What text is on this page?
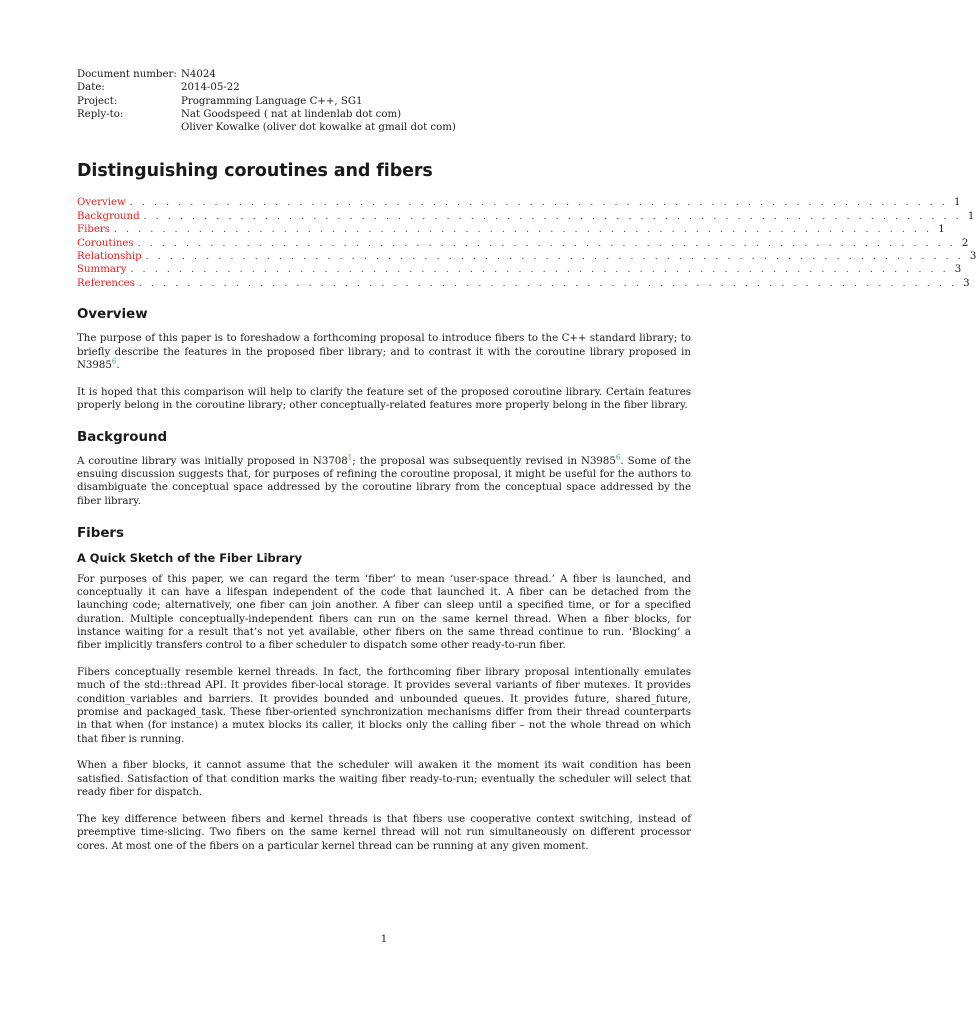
Document number: N4024
Date:	2014-05-22
Project:	Programming Language C++, SG1
Reply-to:	Nat Goodspeed ( nat at lindenlab dot com)
Oliver Kowalke (oliver dot kowalke at gmail dot com)
Distinguishing coroutines and fibers
Overview . . . . . . . . . . . . . . . . . . . . . . . . . . . . . . . . . . . . . . . . . . . . . . . . . . . . . . . . . . . . . . . . . . . . 1
Background . . . . . . . . . . . . . . . . . . . . . . . . . . . . . . . . . . . . . . . . . . . . . . . . . . . . . . . . . . . . . . . . . . . . 1
Fibers . . . . . . . . . . . . . . . . . . . . . . . . . . . . . . . . . . . . . . . . . . . . . . . . . . . . . . . . . . . . . . . . . . . . 1
Coroutines . . . . . . . . . . . . . . . . . . . . . . . . . . . . . . . . . . . . . . . . . . . . . . . . . . . . . . . . . . . . . . . . . . . . 2
Relationship . . . . . . . . . . . . . . . . . . . . . . . . . . . . . . . . . . . . . . . . . . . . . . . . . . . . . . . . . . . . . . . . . . . . 3
Summary . . . . . . . . . . . . . . . . . . . . . . . . . . . . . . . . . . . . . . . . . . . . . . . . . . . . . . . . . . . . . . . . . . . . 3
References . . . . . . . . . . . . . . . . . . . . . . . . . . . . . . . . . . . . . . . . . . . . . . . . . . . . . . . . . . . . . . . . . . . . 3
Overview

The purpose of this paper is to foreshadow a forthcoming proposal to introduce fibers to the C++ standard library; to briefly describe the features in the proposed fiber library; and to contrast it with the coroutine library proposed in N3985$^6$.

It is hoped that this comparison will help to clarify the feature set of the proposed coroutine library. Certain features properly belong in the coroutine library; other conceptually-related features more properly belong in the fiber library.

Background

A coroutine library was initially proposed in N3708$^1$; the proposal was subsequently revised in N3985$^6$. Some of the ensuing discussion suggests that, for purposes of refining the coroutine proposal, it might be useful for the authors to disambiguate the conceptual space addressed by the coroutine library from the conceptual space addressed by the fiber library.

Fibers
A Quick Sketch of the Fiber Library

For purposes of this paper, we can regard the term ‘fiber’ to mean ‘user-space thread.’ A fiber is launched, and conceptually it can have a lifespan independent of the code that launched it. A fiber can be detached from the launching code; alternatively, one fiber can join another. A fiber can sleep until a specified time, or for a specified duration. Multiple conceptually-independent fibers can run on the same kernel thread. When a fiber blocks, for instance waiting for a result that’s not yet available, other fibers on the same thread continue to run. ‘Blocking’ a fiber implicitly transfers control to a fiber scheduler to dispatch some other ready-to-run fiber.

Fibers conceptually resemble kernel threads. In fact, the forthcoming fiber library proposal intentionally emulates much of the std::thread API. It provides fiber-local storage. It provides several variants of fiber mutexes. It provides condition_variables and barriers. It provides bounded and unbounded queues. It provides future, shared_future, promise and packaged_task. These fiber-oriented synchronization mechanisms differ from their thread counterparts in that when (for instance) a mutex blocks its caller, it blocks only the calling fiber – not the whole thread on which that fiber is running.

When a fiber blocks, it cannot assume that the scheduler will awaken it the moment its wait condition has been satisfied. Satisfaction of that condition marks the waiting fiber ready-to-run; eventually the scheduler will select that ready fiber for dispatch.

The key difference between fibers and kernel threads is that fibers use cooperative context switching, instead of preemptive time-slicing. Two fibers on the same kernel thread will not run simultaneously on different processor cores. At most one of the fibers on a particular kernel thread can be running at any given moment.

1
